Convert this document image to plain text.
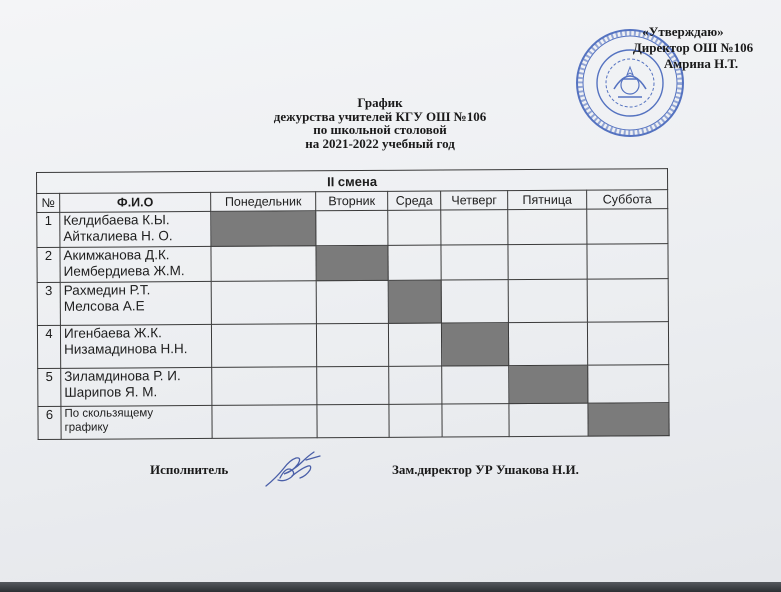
«Утверждаю»
Директор ОШ №106
Амрина Н.Т.
График
дежурства учителей КГУ ОШ №106
по школьной столовой
на 2021-2022 учебный год
II смена							
№	Ф.И.О	Понедельник	Вторник	Среда	Четверг	Пятница	Суббота
1	Келдибаева К.Ы.
Айткалиева Н. О.						

2	Акимжанова Д.К.
Иембердиева Ж.М.						

3	Рахмедин Р.Т.
Мелсова А.Е						

4	Игенбаева Ж.К.
Низамадинова Н.Н.						

5	Зиламдинова Р. И.
Шарипов Я. М.						

6	По скользящему
графику						

Исполнитель	Зам.директор УР Ушакова Н.И.
